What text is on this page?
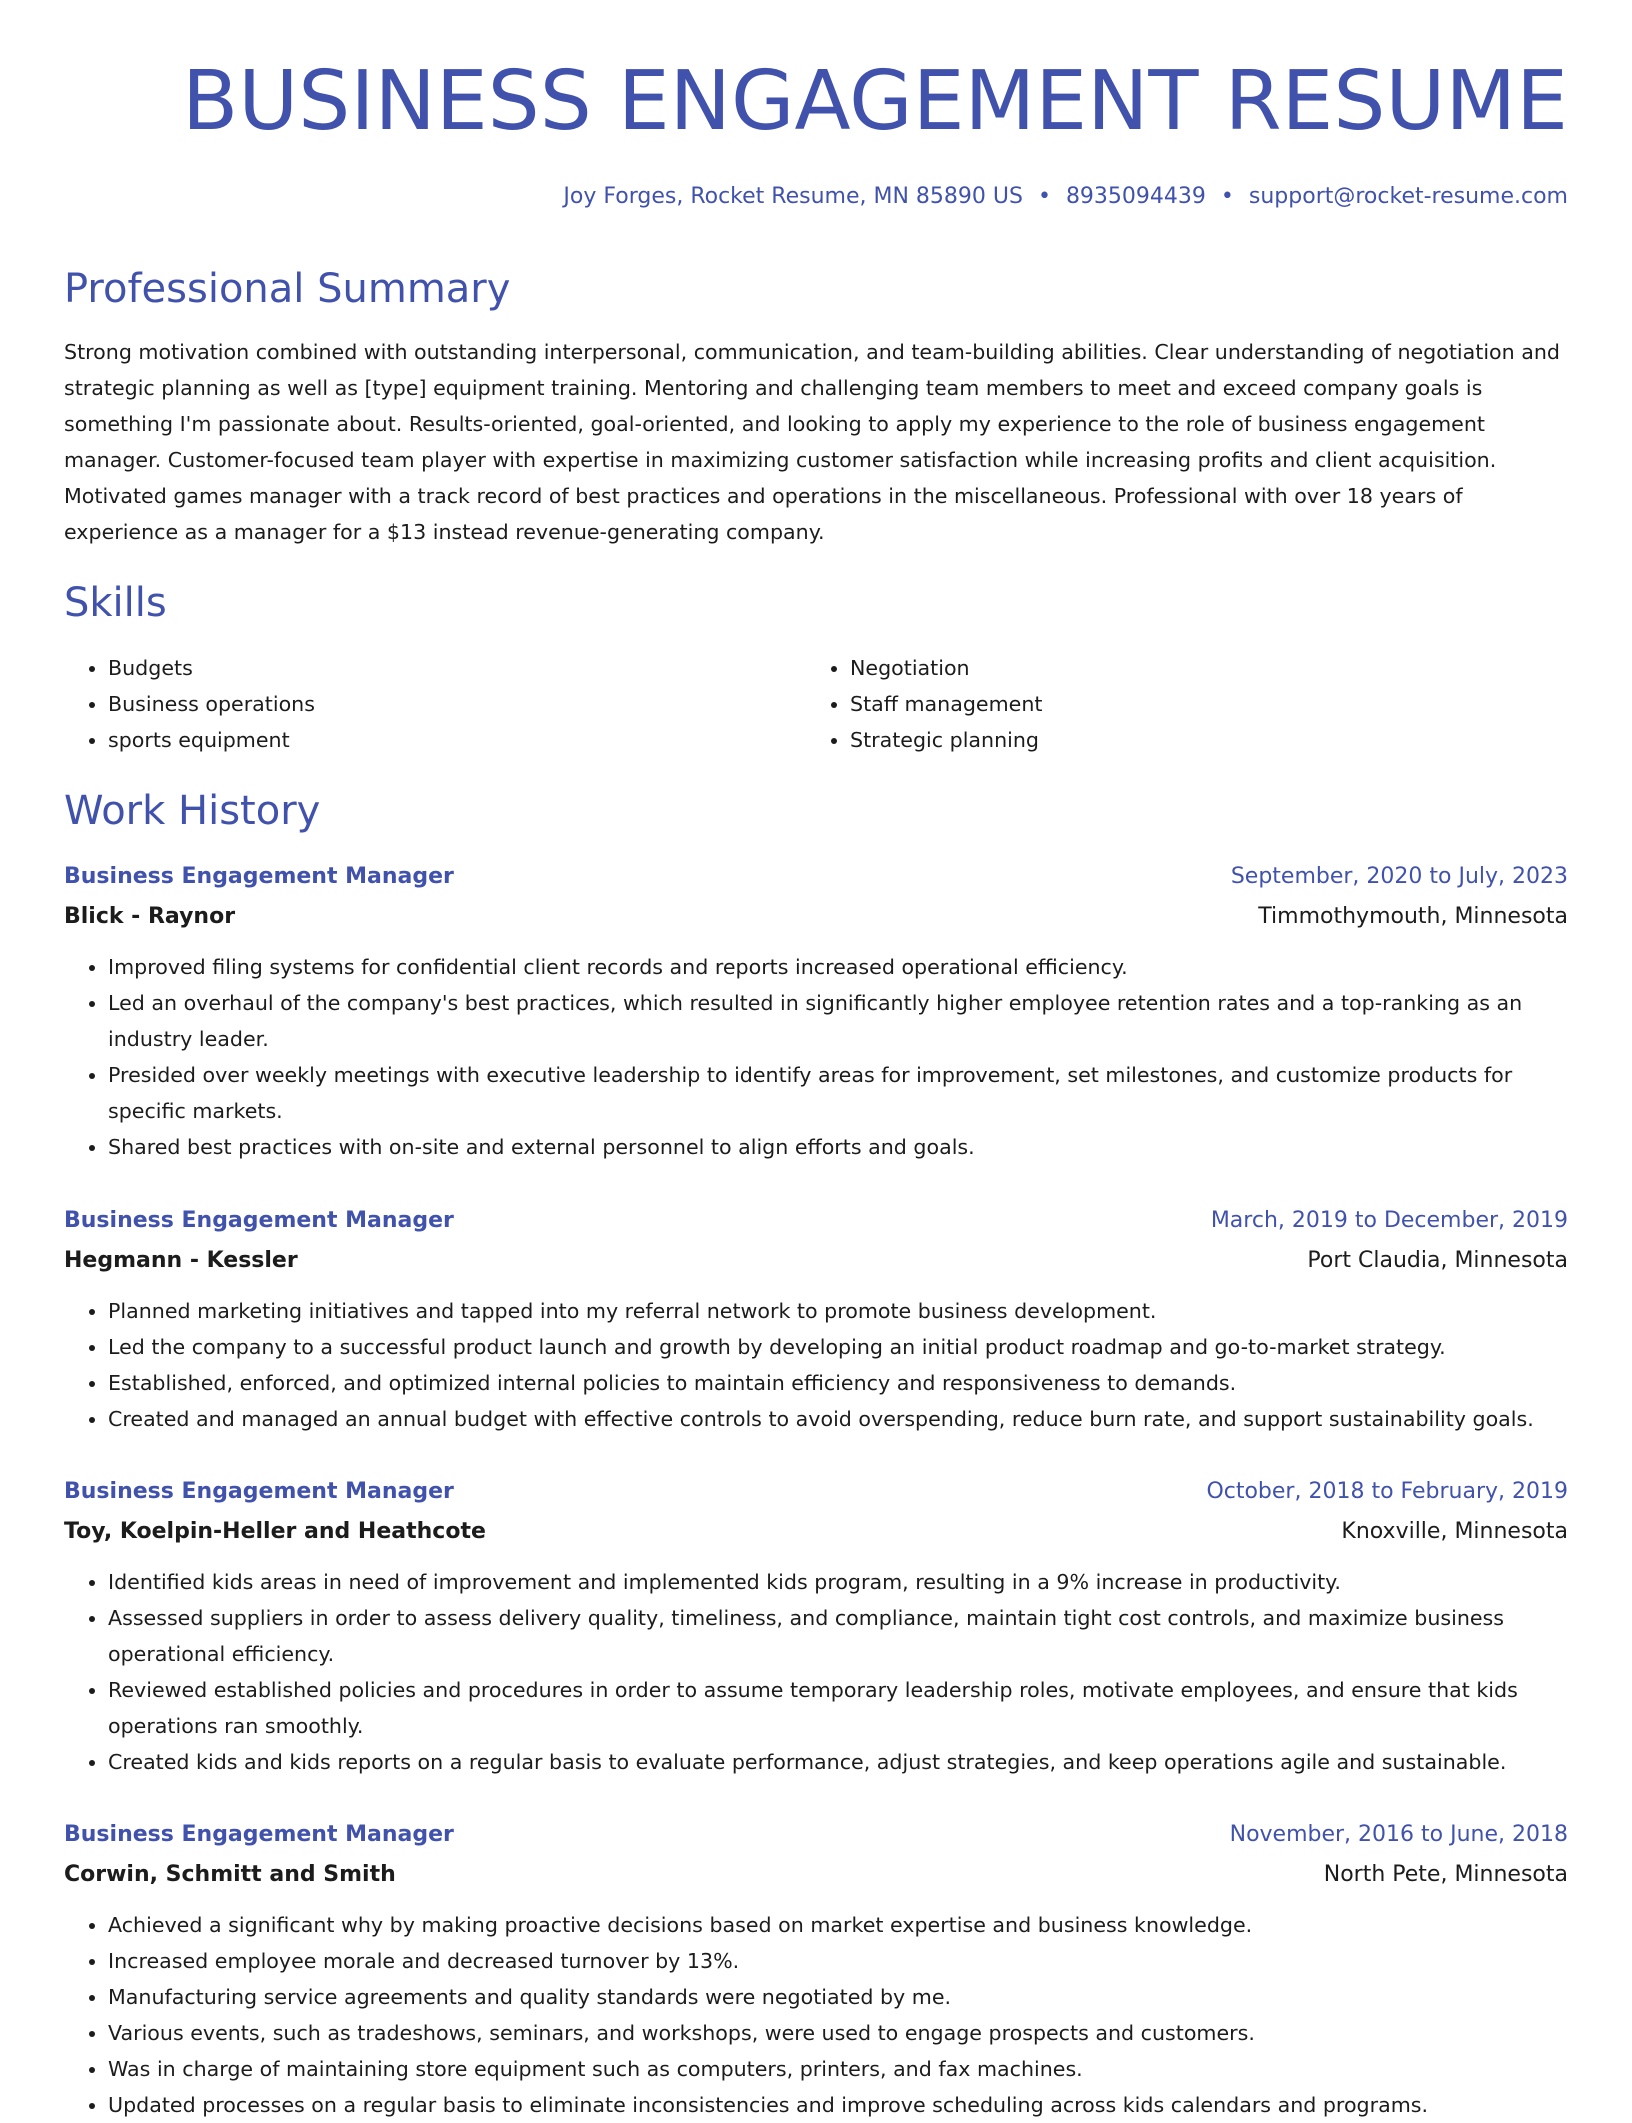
BUSINESS ENGAGEMENT RESUME
Joy Forges, Rocket Resume, MN 85890 US • 8935094439 • support@rocket-resume.com
Professional Summary

Strong motivation combined with outstanding interpersonal, communication, and team-building abilities. Clear understanding of negotiation and strategic planning as well as [type] equipment training. Mentoring and challenging team members to meet and exceed company goals is something I'm passionate about. Results-oriented, goal-oriented, and looking to apply my experience to the role of business engagement manager. Customer-focused team player with expertise in maximizing customer satisfaction while increasing profits and client acquisition. Motivated games manager with a track record of best practices and operations in the miscellaneous. Professional with over 18 years of experience as a manager for a $13 instead revenue-generating company.

Skills
• Budgets
• Business operations
• sports equipment
• Negotiation
• Staff management
• Strategic planning
Work History
Business Engagement Manager	September, 2020 to July, 2023
Blick - Raynor	Timmothymouth, Minnesota
• Improved filing systems for confidential client records and reports increased operational efficiency.
• Led an overhaul of the company's best practices, which resulted in significantly higher employee retention rates and a top-ranking as an industry leader.
• Presided over weekly meetings with executive leadership to identify areas for improvement, set milestones, and customize products for specific markets.
• Shared best practices with on-site and external personnel to align efforts and goals.
Business Engagement Manager	March, 2019 to December, 2019
Hegmann - Kessler	Port Claudia, Minnesota
• Planned marketing initiatives and tapped into my referral network to promote business development.
• Led the company to a successful product launch and growth by developing an initial product roadmap and go-to-market strategy.
• Established, enforced, and optimized internal policies to maintain efficiency and responsiveness to demands.
• Created and managed an annual budget with effective controls to avoid overspending, reduce burn rate, and support sustainability goals.
Business Engagement Manager	October, 2018 to February, 2019
Toy, Koelpin-Heller and Heathcote	Knoxville, Minnesota
• Identified kids areas in need of improvement and implemented kids program, resulting in a 9% increase in productivity.
• Assessed suppliers in order to assess delivery quality, timeliness, and compliance, maintain tight cost controls, and maximize business operational efficiency.
• Reviewed established policies and procedures in order to assume temporary leadership roles, motivate employees, and ensure that kids operations ran smoothly.
• Created kids and kids reports on a regular basis to evaluate performance, adjust strategies, and keep operations agile and sustainable.
Business Engagement Manager	November, 2016 to June, 2018
Corwin, Schmitt and Smith	North Pete, Minnesota
• Achieved a significant why by making proactive decisions based on market expertise and business knowledge.
• Increased employee morale and decreased turnover by 13%.
• Manufacturing service agreements and quality standards were negotiated by me.
• Various events, such as tradeshows, seminars, and workshops, were used to engage prospects and customers.
• Was in charge of maintaining store equipment such as computers, printers, and fax machines.
• Updated processes on a regular basis to eliminate inconsistencies and improve scheduling across kids calendars and programs.
